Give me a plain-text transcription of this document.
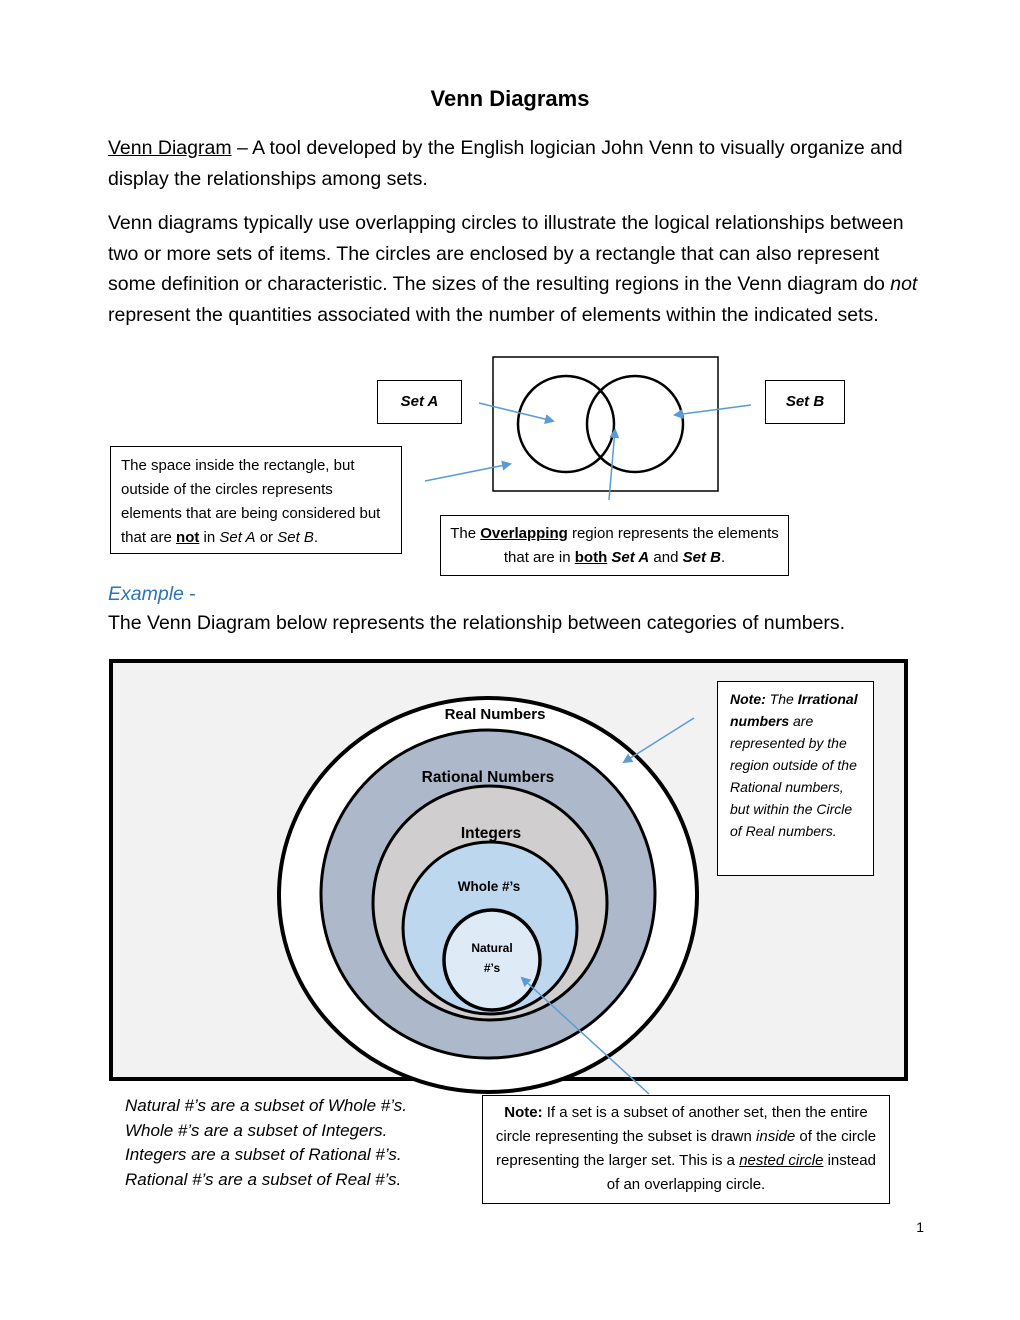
Venn Diagrams
Venn Diagram – A tool developed by the English logician John Venn to visually organize and display the relationships among sets.
Venn diagrams typically use overlapping circles to illustrate the logical relationships between two or more sets of items. The circles are enclosed by a rectangle that can also represent some definition or characteristic. The sizes of the resulting regions in the Venn diagram do not represent the quantities associated with the number of elements within the indicated sets.
Set A	Set B
The space inside the rectangle, but outside of the circles represents elements that are being considered but that are not in Set A or Set B.	The Overlapping region represents the elements that are in both Set A and Set B.
Example -
The Venn Diagram below represents the relationship between categories of numbers.
Real Numbers
Rational Numbers
Integers
Whole #’s
Natural
#’s
Note: The Irrational numbers are represented by the region outside of the Rational numbers, but within the Circle of Real numbers.
Natural #’s are a subset of Whole #’s.
Whole #’s are a subset of Integers.
Integers are a subset of Rational #’s.
Rational #’s are a subset of Real #’s.
Note: If a set is a subset of another set, then the entire circle representing the subset is drawn inside of the circle representing the larger set. This is a nested circle instead of an overlapping circle.
1
